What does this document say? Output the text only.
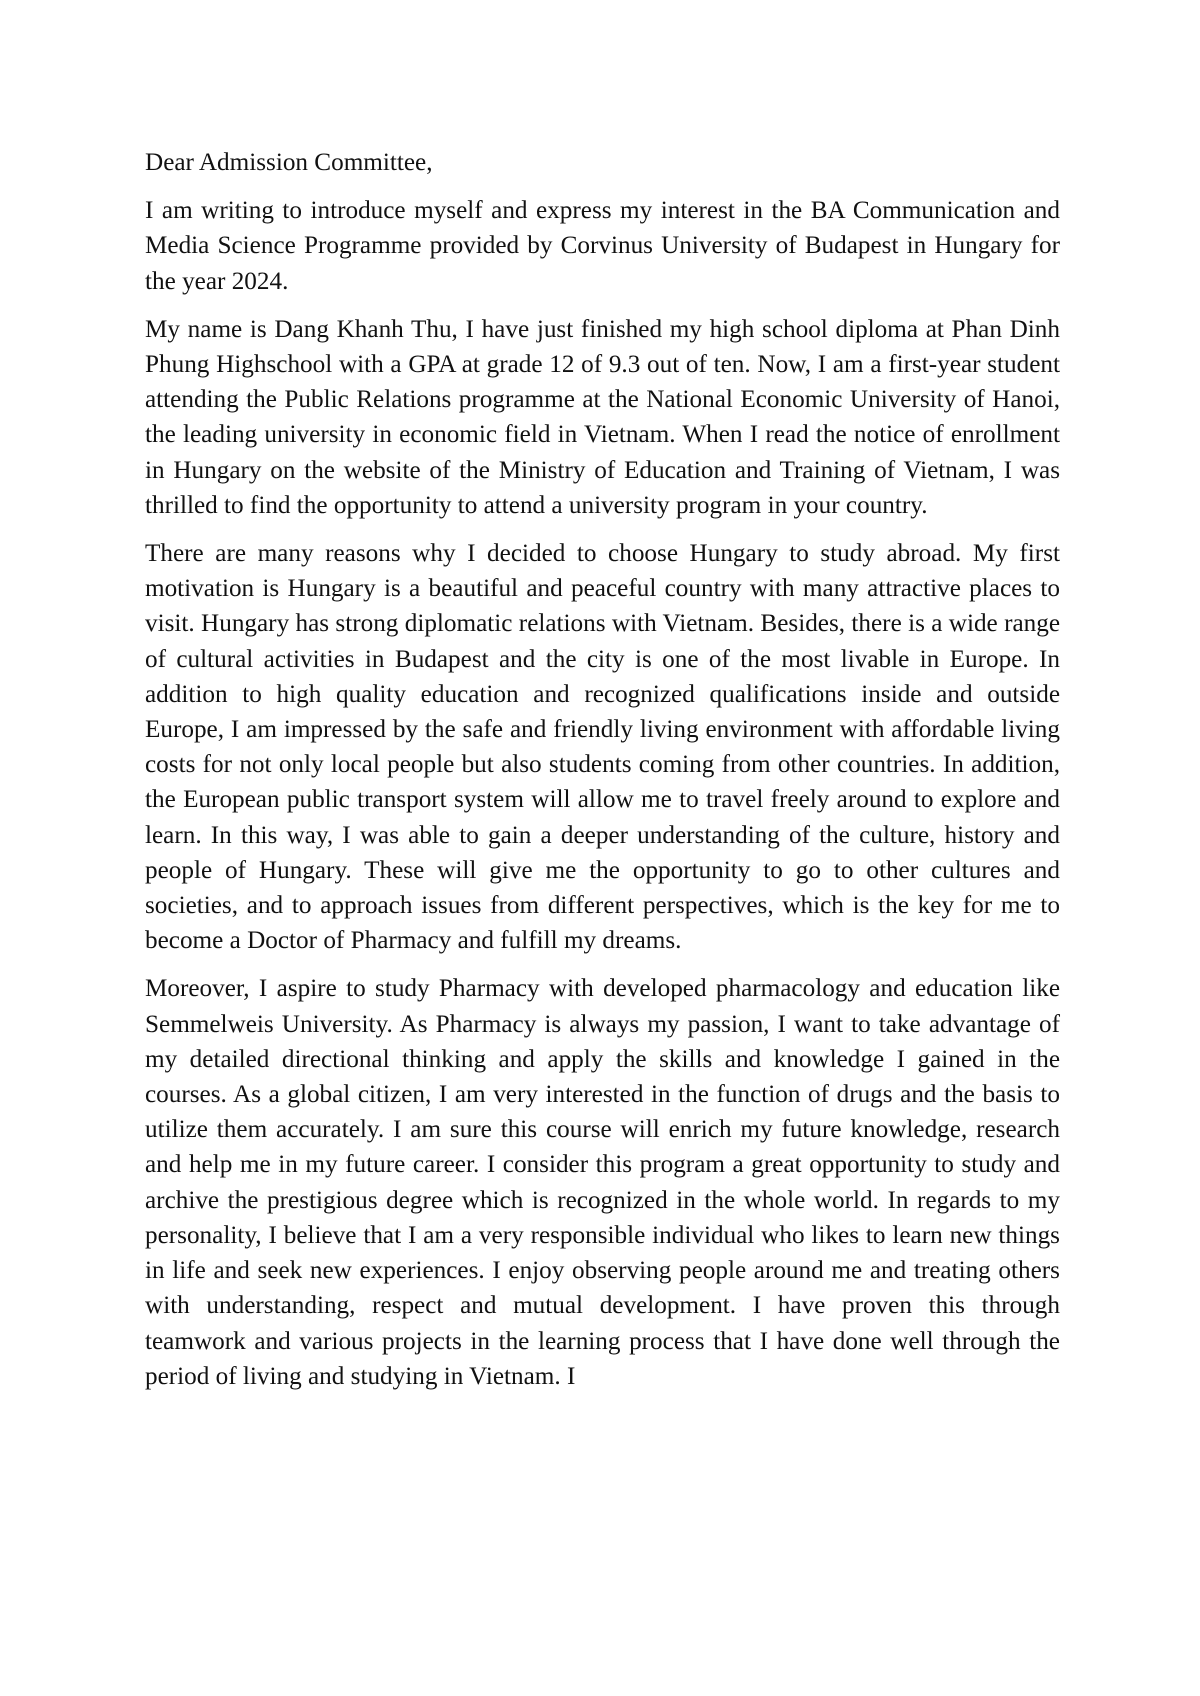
Dear Admission Committee,

I am writing to introduce myself and express my interest in the BA Communication and Media Science Programme provided by Corvinus University of Budapest in Hungary for the year 2024.

My name is Dang Khanh Thu, I have just finished my high school diploma at Phan Dinh Phung Highschool with a GPA at grade 12 of 9.3 out of ten. Now, I am a first-year student attending the Public Relations programme at the National Economic University of Hanoi, the leading university in economic field in Vietnam. When I read the notice of enrollment in Hungary on the website of the Ministry of Education and Training of Vietnam, I was thrilled to find the opportunity to attend a university program in your country.

There are many reasons why I decided to choose Hungary to study abroad. My first motivation is Hungary is a beautiful and peaceful country with many attractive places to visit. Hungary has strong diplomatic relations with Vietnam. Besides, there is a wide range of cultural activities in Budapest and the city is one of the most livable in Europe. In addition to high quality education and recognized qualifications inside and outside Europe, I am impressed by the safe and friendly living environment with affordable living costs for not only local people but also students coming from other countries. In addition, the European public transport system will allow me to travel freely around to explore and learn. In this way, I was able to gain a deeper understanding of the culture, history and people of Hungary. These will give me the opportunity to go to other cultures and societies, and to approach issues from different perspectives, which is the key for me to become a Doctor of Pharmacy and fulfill my dreams.

Moreover, I aspire to study Pharmacy with developed pharmacology and education like Semmelweis University. As Pharmacy is always my passion, I want to take advantage of my detailed directional thinking and apply the skills and knowledge I gained in the courses. As a global citizen, I am very interested in the function of drugs and the basis to utilize them accurately. I am sure this course will enrich my future knowledge, research and help me in my future career. I consider this program a great opportunity to study and archive the prestigious degree which is recognized in the whole world. In regards to my personality, I believe that I am a very responsible individual who likes to learn new things in life and seek new experiences. I enjoy observing people around me and treating others with understanding, respect and mutual development. I have proven this through teamwork and various projects in the learning process that I have done well through the period of living and studying in Vietnam. I
